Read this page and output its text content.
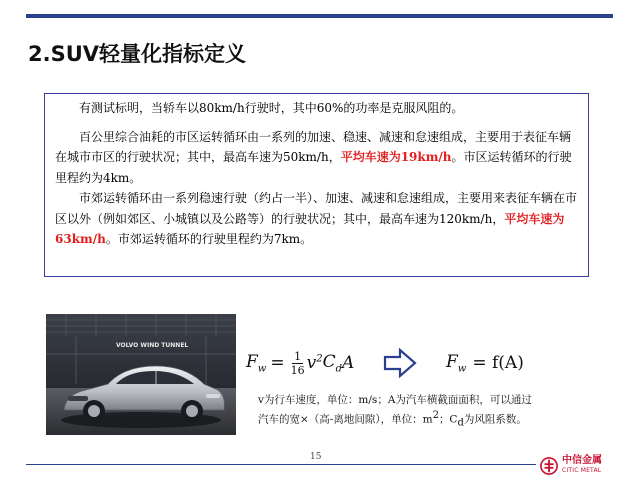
2.SUV轻量化指标定义

有测试标明，当轿车以80km/h行驶时，其中60%的功率是克服风阻的。

百公里综合油耗的市区运转循环由一系列的加速、稳速、减速和怠速组成，主要用于表征车辆在城市市区的行驶状况；其中，最高车速为50km/h，平均车速为19km/h。市区运转循环的行驶里程约为4km。

市郊运转循环由一系列稳速行驶（约占一半）、加速、减速和怠速组成，主要用来表征车辆在市区以外（例如郊区、小城镇以及公路等）的行驶状况；其中，最高车速为120km/h，平均车速为63km/h。市郊运转循环的行驶里程约为7km。

VOLVO WIND TUNNEL
$F_w = \frac{1}{16} v^2$ $C_d$ A	$F_w = f(A)$
v为行车速度，单位：m/s；A为汽车横截面面积，可以通过
汽车的宽×（高-离地间隙），单位：$m^2$；$C_d$为风阻系数。
15	中信金属
CITIC METAL
